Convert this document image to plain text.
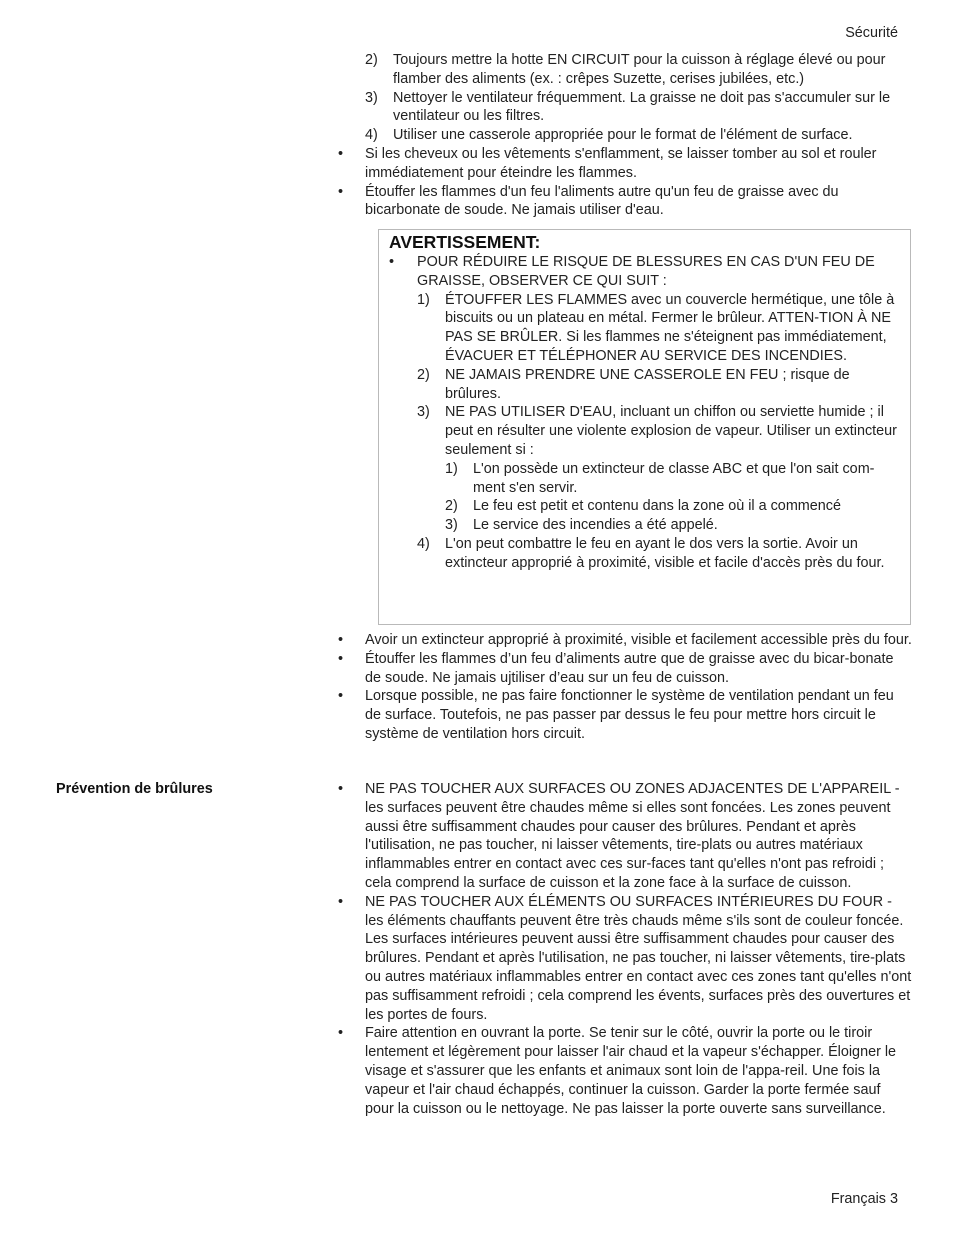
Sécurité
2) Toujours mettre la hotte EN CIRCUIT pour la cuisson à réglage élevé ou pour flamber des aliments (ex. : crêpes Suzette, cerises jubilées, etc.)
3) Nettoyer le ventilateur fréquemment. La graisse ne doit pas s'accumuler sur le ventilateur ou les filtres.
4) Utiliser une casserole appropriée pour le format de l'élément de surface.
• Si les cheveux ou les vêtements s'enflamment, se laisser tomber au sol et rouler immédiatement pour éteindre les flammes.
• Étouffer les flammes d'un feu l'aliments autre qu'un feu de graisse avec du bicarbonate de soude. Ne jamais utiliser d'eau.
AVERTISSEMENT:
• POUR RÉDUIRE LE RISQUE DE BLESSURES EN CAS D'UN FEU DE GRAISSE, OBSERVER CE QUI SUIT :
1) ÉTOUFFER LES FLAMMES avec un couvercle hermétique, une tôle à biscuits ou un plateau en métal. Fermer le brûleur. ATTEN-TION À NE PAS SE BRÛLER. Si les flammes ne s'éteignent pas immédiatement, ÉVACUER ET TÉLÉPHONER AU SERVICE DES INCENDIES.
2) NE JAMAIS PRENDRE UNE CASSEROLE EN FEU ; risque de brûlures.
3) NE PAS UTILISER D'EAU, incluant un chiffon ou serviette humide ; il peut en résulter une violente explosion de vapeur. Utiliser un extincteur seulement si :
1) L'on possède un extincteur de classe ABC et que l'on sait com-ment s'en servir.
2) Le feu est petit et contenu dans la zone où il a commencé
3) Le service des incendies a été appelé.
4) L'on peut combattre le feu en ayant le dos vers la sortie. Avoir un extincteur approprié à proximité, visible et facile d'accès près du four.
• Avoir un extincteur approprié à proximité, visible et facilement accessible près du four.
• Étouffer les flammes d’un feu d’aliments autre que de graisse avec du bicar-bonate de soude. Ne jamais ujtiliser d’eau sur un feu de cuisson.
• Lorsque possible, ne pas faire fonctionner le système de ventilation pendant un feu de surface. Toutefois, ne pas passer par dessus le feu pour mettre hors circuit le système de ventilation hors circuit.
Prévention de brûlures	• NE PAS TOUCHER AUX SURFACES OU ZONES ADJACENTES DE L'APPAREIL - les surfaces peuvent être chaudes même si elles sont foncées. Les zones peuvent aussi être suffisamment chaudes pour causer des brûlures. Pendant et après l'utilisation, ne pas toucher, ni laisser vêtements, tire-plats ou autres matériaux inflammables entrer en contact avec ces sur-faces tant qu'elles n'ont pas refroidi ; cela comprend la surface de cuisson et la zone face à la surface de cuisson.
• NE PAS TOUCHER AUX ÉLÉMENTS OU SURFACES INTÉRIEURES DU FOUR - les éléments chauffants peuvent être très chauds même s'ils sont de couleur foncée. Les surfaces intérieures peuvent aussi être suffisamment chaudes pour causer des brûlures. Pendant et après l'utilisation, ne pas toucher, ni laisser vêtements, tire-plats ou autres matériaux inflammables entrer en contact avec ces zones tant qu'elles n'ont pas suffisamment refroidi ; cela comprend les évents, surfaces près des ouvertures et les portes de fours.
• Faire attention en ouvrant la porte. Se tenir sur le côté, ouvrir la porte ou le tiroir lentement et légèrement pour laisser l'air chaud et la vapeur s'échapper. Éloigner le visage et s'assurer que les enfants et animaux sont loin de l'appa-reil. Une fois la vapeur et l'air chaud échappés, continuer la cuisson. Garder la porte fermée sauf pour la cuisson ou le nettoyage. Ne pas laisser la porte ouverte sans surveillance.
Français 3
